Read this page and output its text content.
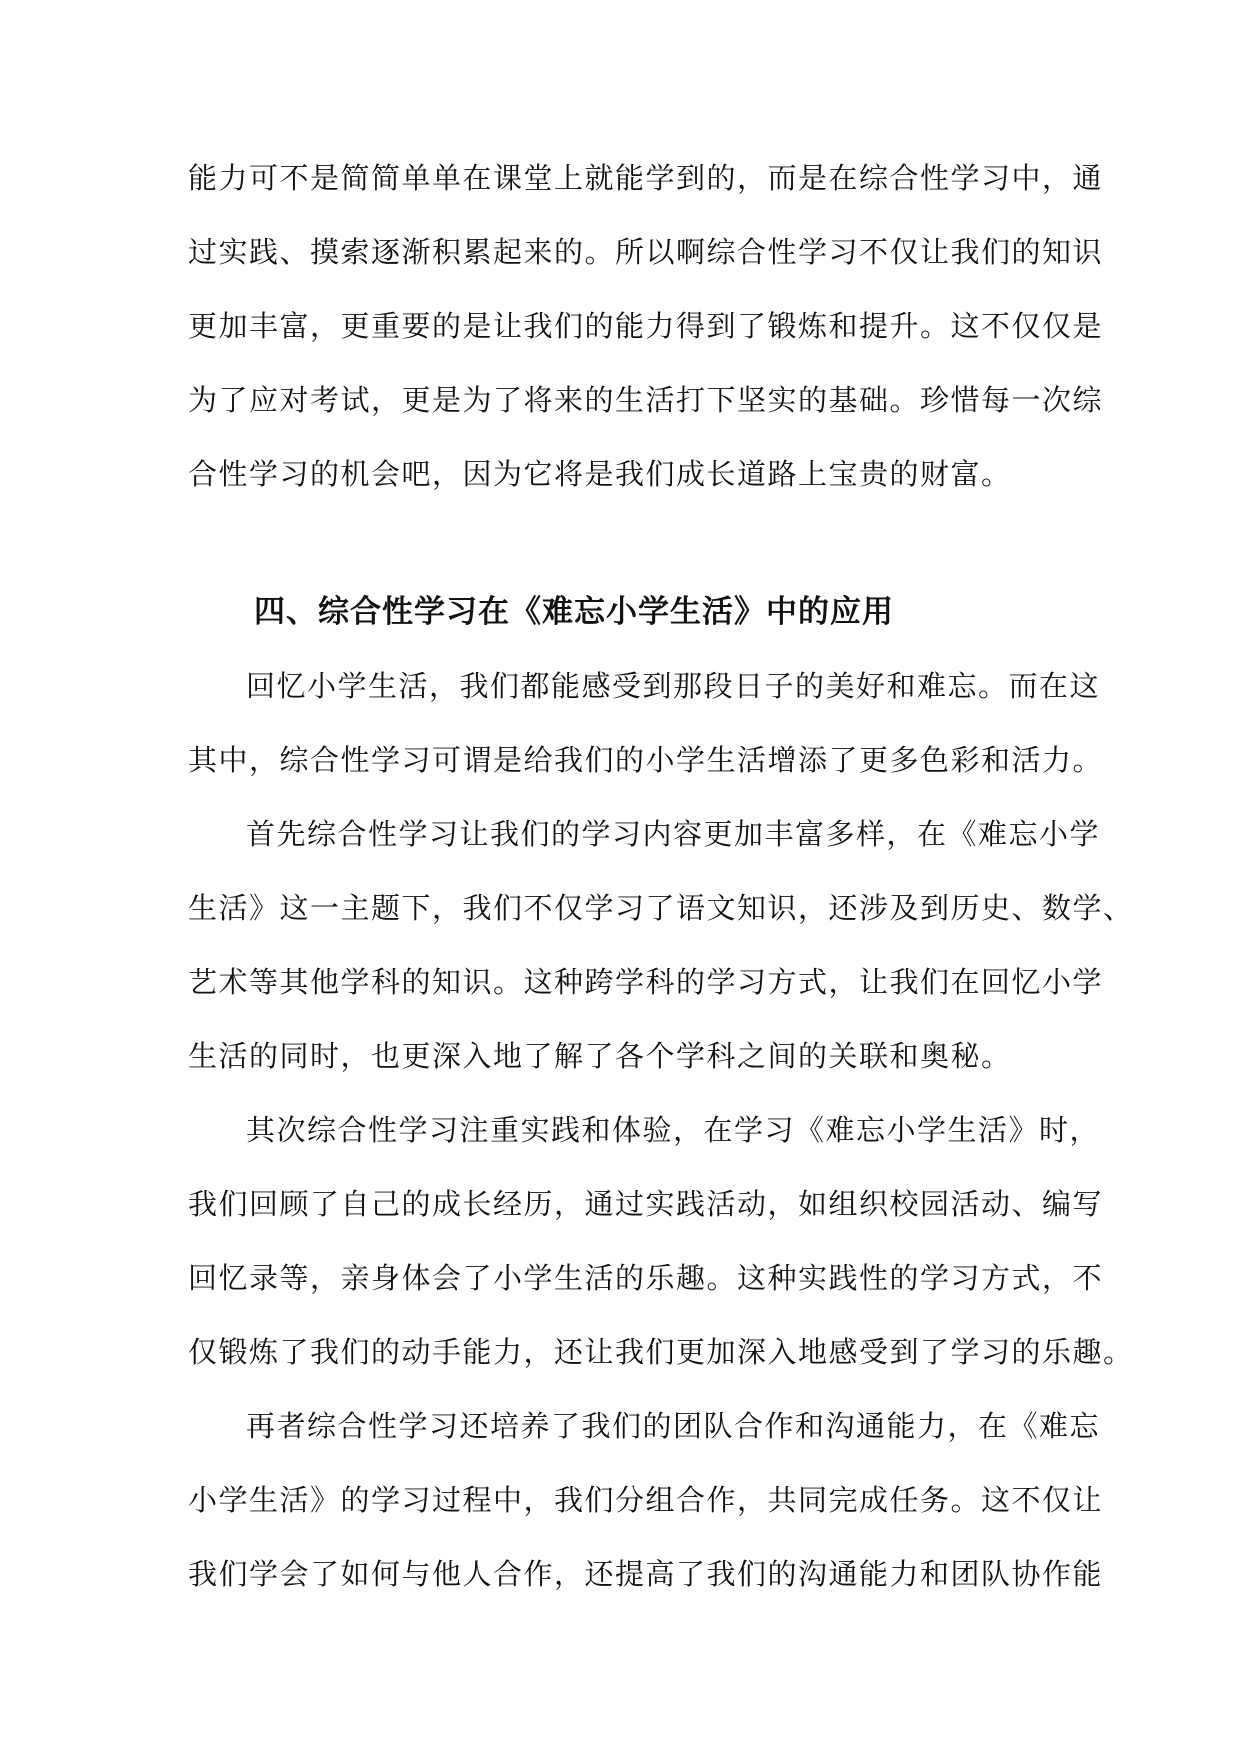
能力可不是简简单单在课堂上就能学到的，而是在综合性学习中，通
过实践、摸索逐渐积累起来的。所以啊综合性学习不仅让我们的知识
更加丰富，更重要的是让我们的能力得到了锻炼和提升。这不仅仅是
为了应对考试，更是为了将来的生活打下坚实的基础。珍惜每一次综
合性学习的机会吧，因为它将是我们成长道路上宝贵的财富。
四、综合性学习在《难忘小学生活》中的应用
回忆小学生活，我们都能感受到那段日子的美好和难忘。而在这
其中，综合性学习可谓是给我们的小学生活增添了更多色彩和活力。
首先综合性学习让我们的学习内容更加丰富多样，在《难忘小学
生活》这一主题下，我们不仅学习了语文知识，还涉及到历史、数学、
艺术等其他学科的知识。这种跨学科的学习方式，让我们在回忆小学
生活的同时，也更深入地了解了各个学科之间的关联和奥秘。
其次综合性学习注重实践和体验，在学习《难忘小学生活》时，
我们回顾了自己的成长经历，通过实践活动，如组织校园活动、编写
回忆录等，亲身体会了小学生活的乐趣。这种实践性的学习方式，不
仅锻炼了我们的动手能力，还让我们更加深入地感受到了学习的乐趣。
再者综合性学习还培养了我们的团队合作和沟通能力，在《难忘
小学生活》的学习过程中，我们分组合作，共同完成任务。这不仅让
我们学会了如何与他人合作，还提高了我们的沟通能力和团队协作能
